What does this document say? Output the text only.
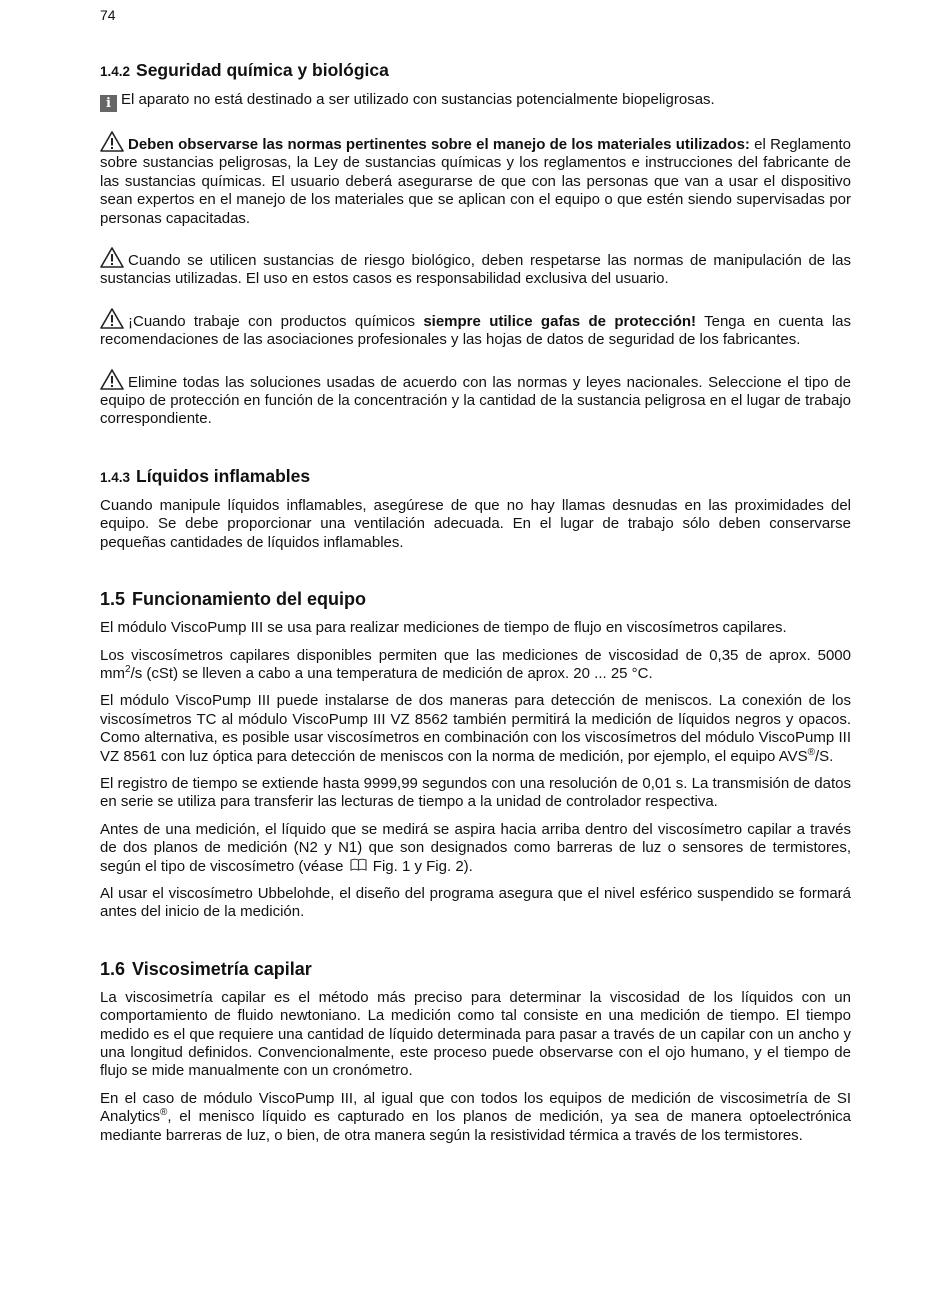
74
1.4.2 Seguridad química y biológica

i El aparato no está destinado a ser utilizado con sustancias potencialmente biopeligrosas.

Deben observarse las normas pertinentes sobre el manejo de los materiales utilizados: el Reglamento sobre sustancias peligrosas, la Ley de sustancias químicas y los reglamentos e instrucciones del fabricante de las sustancias químicas. El usuario deberá asegurarse de que con las personas que van a usar el dispositivo sean expertos en el manejo de los materiales que se aplican con el equipo o que estén siendo supervisadas por personas capacitadas.

Cuando se utilicen sustancias de riesgo biológico, deben respetarse las normas de manipulación de las sustancias utilizadas. El uso en estos casos es responsabilidad exclusiva del usuario.

¡Cuando trabaje con productos químicos siempre utilice gafas de protección! Tenga en cuenta las recomendaciones de las asociaciones profesionales y las hojas de datos de seguridad de los fabricantes.

Elimine todas las soluciones usadas de acuerdo con las normas y leyes nacionales. Seleccione el tipo de equipo de protección en función de la concentración y la cantidad de la sustancia peligrosa en el lugar de trabajo correspondiente.

1.4.3 Líquidos inflamables

Cuando manipule líquidos inflamables, asegúrese de que no hay llamas desnudas en las proximidades del equipo. Se debe proporcionar una ventilación adecuada. En el lugar de trabajo sólo deben conservarse pequeñas cantidades de líquidos inflamables.

1.5 Funcionamiento del equipo

El módulo ViscoPump III se usa para realizar mediciones de tiempo de flujo en viscosímetros capilares.

Los viscosímetros capilares disponibles permiten que las mediciones de viscosidad de 0,35 de aprox. 5000 $mm^2/s$ (cSt) se lleven a cabo a una temperatura de medición de aprox. 20 ... 25 °C.

El módulo ViscoPump III puede instalarse de dos maneras para detección de meniscos. La conexión de los viscosímetros TC al módulo ViscoPump III VZ 8562 también permitirá la medición de líquidos negros y opacos. Como alternativa, es posible usar viscosímetros en combinación con los viscosímetros del módulo ViscoPump III VZ 8561 con luz óptica para detección de meniscos con la norma de medición, por ejemplo, el equipo AVS®/S.

El registro de tiempo se extiende hasta 9999,99 segundos con una resolución de 0,01 s. La transmisión de datos en serie se utiliza para transferir las lecturas de tiempo a la unidad de controlador respectiva.

Antes de una medición, el líquido que se medirá se aspira hacia arriba dentro del viscosímetro capilar a través de dos planos de medición (N2 y N1) que son designados como barreras de luz o sensores de termistores, según el tipo de viscosímetro (véase  Fig. 1 y Fig. 2).

Al usar el viscosímetro Ubbelohde, el diseño del programa asegura que el nivel esférico suspendido se formará antes del inicio de la medición.

1.6 Viscosimetría capilar

La viscosimetría capilar es el método más preciso para determinar la viscosidad de los líquidos con un comportamiento de fluido newtoniano. La medición como tal consiste en una medición de tiempo. El tiempo medido es el que requiere una cantidad de líquido determinada para pasar a través de un capilar con un ancho y una longitud definidos. Convencionalmente, este proceso puede observarse con el ojo humano, y el tiempo de flujo se mide manualmente con un cronómetro.

En el caso de módulo ViscoPump III, al igual que con todos los equipos de medición de viscosimetría de SI Analytics®, el menisco líquido es capturado en los planos de medición, ya sea de manera optoelectrónica mediante barreras de luz, o bien, de otra manera según la resistividad térmica a través de los termistores.
